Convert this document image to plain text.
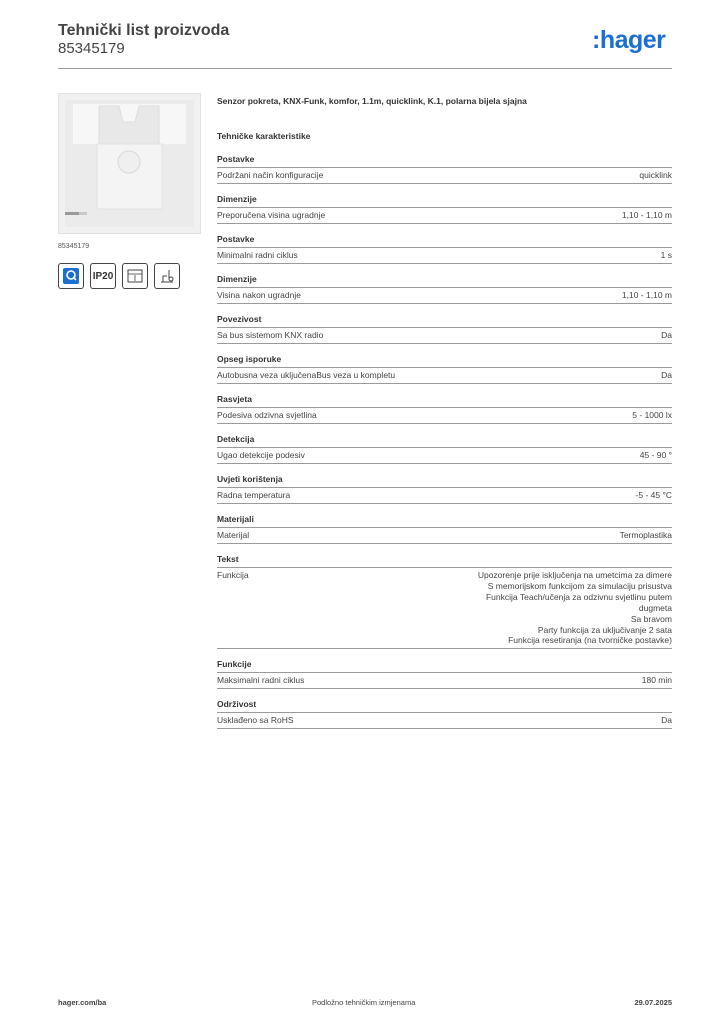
Tehnički list proizvoda
85345179	:hager
85345179
IP20
Senzor pokreta, KNX-Funk, komfor, 1.1m, quicklink, K.1, polarna bijela sjajna
Tehničke karakteristike
Postavke
Podržani način konfiguracije	quicklink
Dimenzije
Preporučena visina ugradnje	1,10 - 1,10 m
Postavke
Minimalni radni ciklus	1 s
Dimenzije
Visina nakon ugradnje	1,10 - 1,10 m
Povezivost
Sa bus sistemom KNX radio	Da
Opseg isporuke
Autobusna veza uključenaBus veza u kompletu	Da
Rasvjeta
Podesiva odzivna svjetlina	5 - 1000 lx
Detekcija
Ugao detekcije podesiv	45 - 90 °
Uvjeti korištenja
Radna temperatura	-5 - 45 °C
Materijali
Materijal	Termoplastika
Tekst
Funkcija	Upozorenje prije isključenja na umetcima za dimere
S memorijskom funkcijom za simulaciju prisustva
Funkcija Teach/učenja za odzivnu svjetlinu putem
dugmeta
Sa bravom
Party funkcija za uključivanje 2 sata
Funkcija resetiranja (na tvorničke postavke)
Funkcije
Maksimalni radni ciklus	180 min
Održivost
Usklađeno sa RoHS	Da
hager.com/ba	Podložno tehničkim izmjenama	29.07.2025
